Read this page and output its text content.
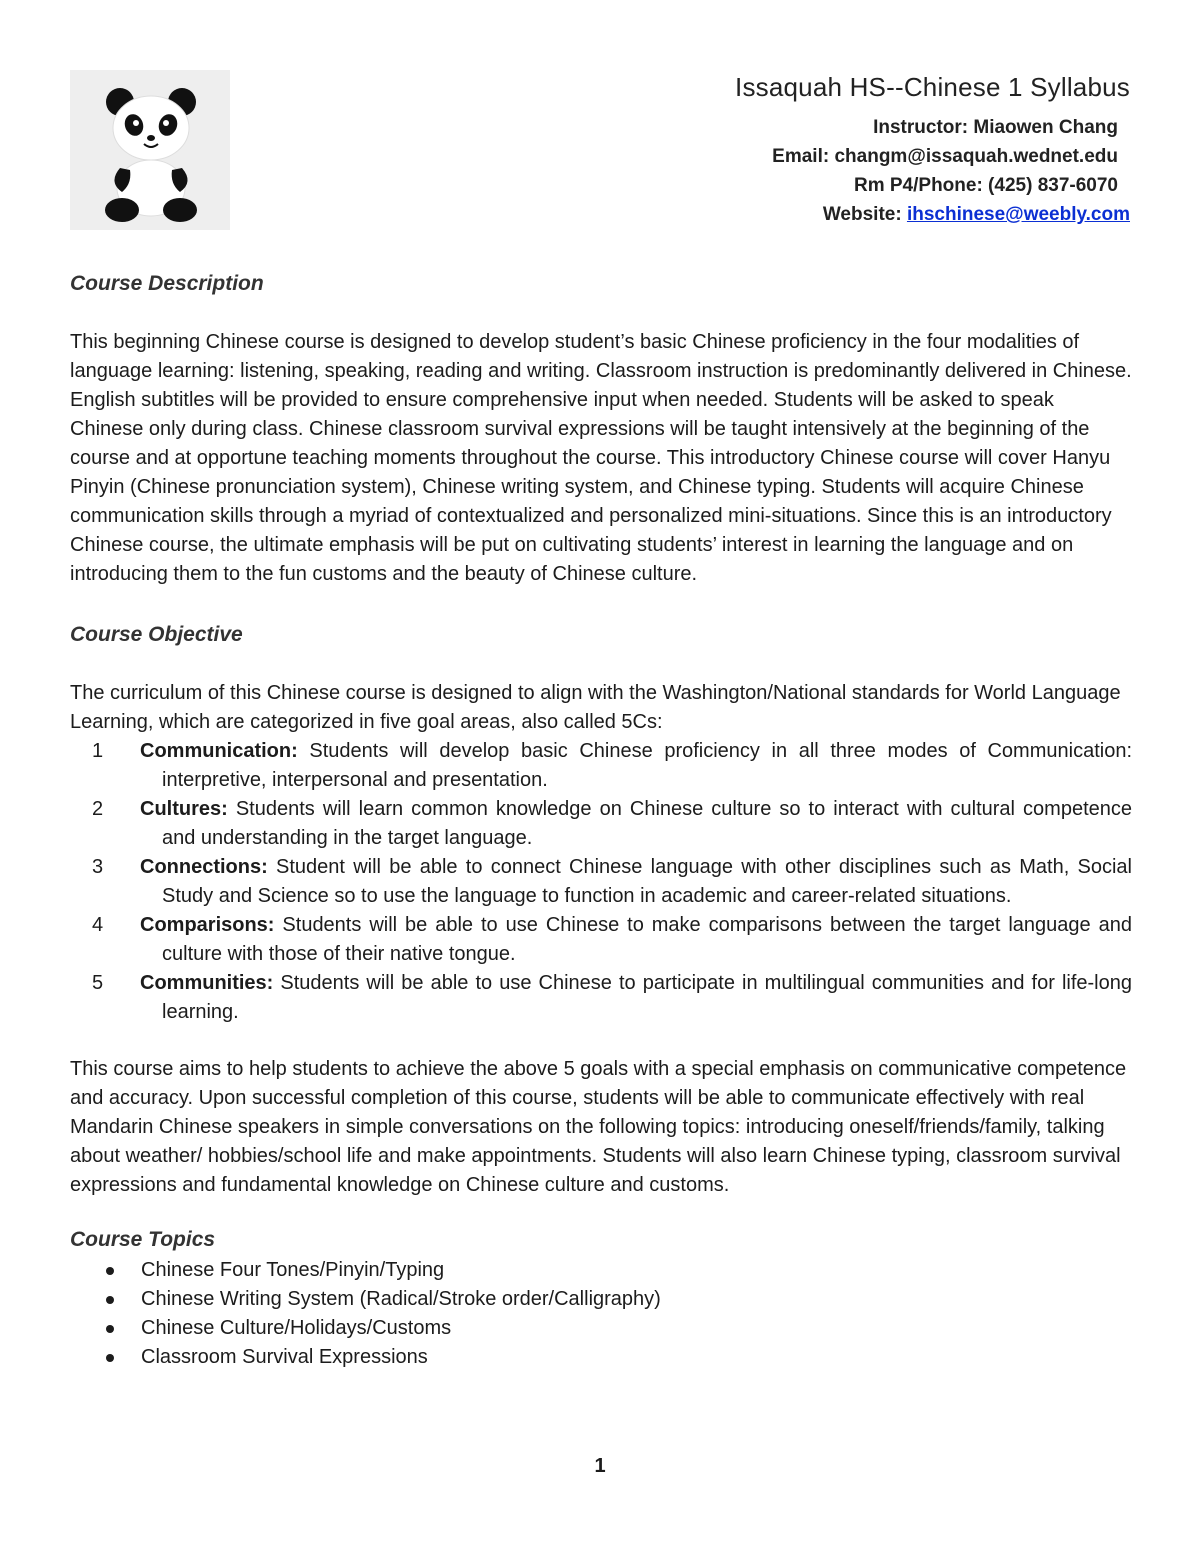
Issaquah HS--Chinese 1 Syllabus

Instructor: Miaowen Chang

Email: changm@issaquah.wednet.edu

Rm P4/Phone: (425) 837-6070

Website: ihschinese@weebly.com

Course Description

This beginning Chinese course is designed to develop student’s basic Chinese proficiency in the four modalities of language learning: listening, speaking, reading and writing. Classroom instruction is predominantly delivered in Chinese. English subtitles will be provided to ensure comprehensive input when needed. Students will be asked to speak Chinese only during class. Chinese classroom survival expressions will be taught intensively at the beginning of the course and at opportune teaching moments throughout the course. This introductory Chinese course will cover Hanyu Pinyin (Chinese pronunciation system), Chinese writing system, and Chinese typing. Students will acquire Chinese communication skills through a myriad of contextualized and personalized mini-situations. Since this is an introductory Chinese course, the ultimate emphasis will be put on cultivating students’ interest in learning the language and on introducing them to the fun customs and the beauty of Chinese culture.

Course Objective

The curriculum of this Chinese course is designed to align with the Washington/National standards for World Language Learning, which are categorized in five goal areas, also called 5Cs:

1	Communication: Students will develop basic Chinese proficiency in all three modes of Communication: interpretive, interpersonal and presentation.
2	Cultures: Students will learn common knowledge on Chinese culture so to interact with cultural competence and understanding in the target language.
3	Connections: Student will be able to connect Chinese language with other disciplines such as Math, Social Study and Science so to use the language to function in academic and career-related situations.
4	Comparisons: Students will be able to use Chinese to make comparisons between the target language and culture with those of their native tongue.
5	Communities: Students will be able to use Chinese to participate in multilingual communities and for life-long learning.

This course aims to help students to achieve the above 5 goals with a special emphasis on communicative competence and accuracy. Upon successful completion of this course, students will be able to communicate effectively with real Mandarin Chinese speakers in simple conversations on the following topics: introducing oneself/friends/family, talking about weather/ hobbies/school life and make appointments. Students will also learn Chinese typing, classroom survival expressions and fundamental knowledge on Chinese culture and customs.

Course Topics
Chinese Four Tones/Pinyin/Typing
Chinese Writing System (Radical/Stroke order/Calligraphy)
Chinese Culture/Holidays/Customs
Classroom Survival Expressions
1
